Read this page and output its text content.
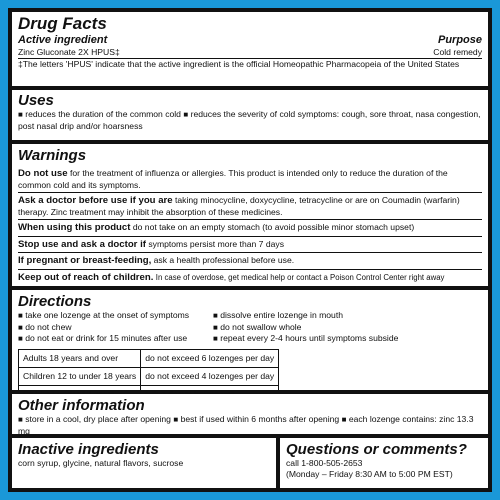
Drug Facts
Active ingredient	Purpose
Zinc Gluconate 2X HPUS‡	Cold remedy
‡The letters 'HPUS' indicate that the active ingredient is the official Homeopathic Pharmacopeia of the United States
Uses
■ reduces the duration of the common cold ■ reduces the severity of cold symptoms: cough, sore throat, nasa congestion,
post nasal drip and/or hoarsness
Warnings
Do not use for the treatment of influenza or allergies. This product is intended only to reduce the duration of the common cold and its symptoms.
Ask a doctor before use if you are taking minocycline, doxycycline, tetracycline or are on Coumadin (warfarin) therapy. Zinc treatment may inhibit the absorption of these medicines.
When using this product do not take on an empty stomach (to avoid possible minor stomach upset)
Stop use and ask a doctor if symptoms persist more than 7 days
If pregnant or breast-feeding, ask a health professional before use.
Keep out of reach of children. In case of overdose, get medical help or contact a Poison Control Center right away
Directions
■ take one lozenge at the onset of symptoms
■ do not chew
■ do not eat or drink for 15 minutes after use
■ dissolve entire lozenge in mouth
■ do not swallow whole
■ repeat every 2-4 hours until symptoms subside
Adults 18 years and over	do not exceed 6 lozenges per day
Children 12 to under 18 years	do not exceed 4 lozenges per day

Other information
■ store in a cool, dry place after opening ■ best if used within 6 months after opening ■ each lozenge contains: zinc 13.3 mg
Inactive ingredients
corn syrup, glycine, natural flavors, sucrose
Questions or comments?
call 1-800-505-2653
(Monday – Friday 8:30 AM to 5:00 PM EST)
